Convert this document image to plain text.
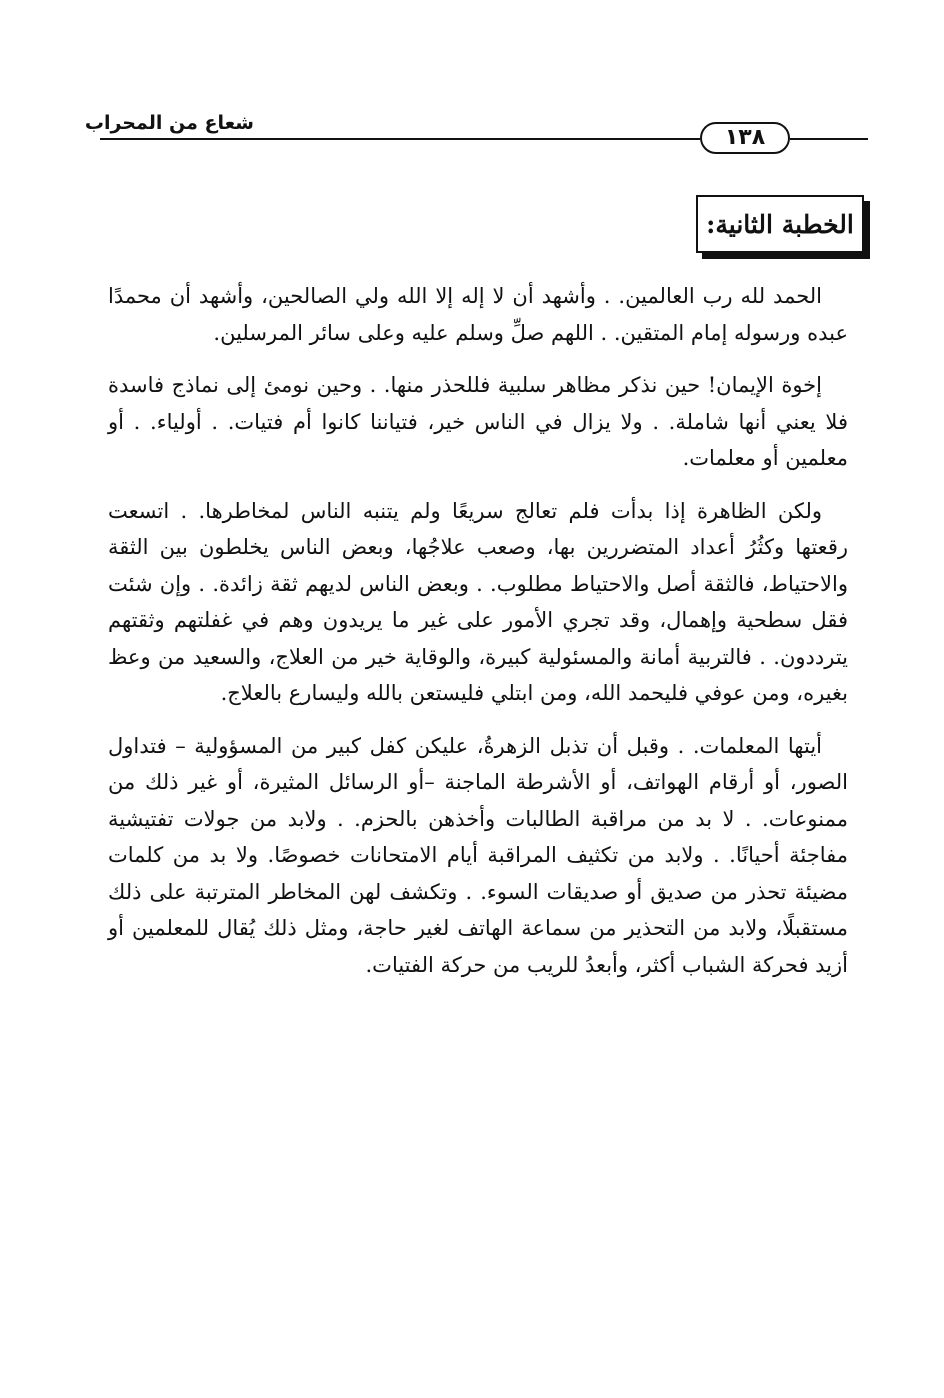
شعاع من المحراب
١٣٨
الخطبة الثانية:

الحمد لله رب العالمين. . وأشهد أن لا إله إلا الله ولي الصالحين، وأشهد أن محمدًا عبده ورسوله إمام المتقين. . اللهم صلِّ وسلم عليه وعلى سائر المرسلين.

إخوة الإيمان! حين نذكر مظاهر سلبية فللحذر منها. . وحين نومئ إلى نماذج فاسدة فلا يعني أنها شاملة. . ولا يزال في الناس خير، فتياننا كانوا أم فتيات. . أولياء. . أو معلمين أو معلمات.

ولكن الظاهرة إذا بدأت فلم تعالج سريعًا ولم يتنبه الناس لمخاطرها. . اتسعت رقعتها وكثُرُ أعداد المتضررين بها، وصعب علاجُها، وبعض الناس يخلطون بين الثقة والاحتياط، فالثقة أصل والاحتياط مطلوب. . وبعض الناس لديهم ثقة زائدة. . وإن شئت فقل سطحية وإهمال، وقد تجري الأمور على غير ما يريدون وهم في غفلتهم وثقتهم يترددون. . فالتربية أمانة والمسئولية كبيرة، والوقاية خير من العلاج، والسعيد من وعظ بغيره، ومن عوفي فليحمد الله، ومن ابتلي فليستعن بالله وليسارع بالعلاج.

أيتها المعلمات. . وقبل أن تذبل الزهرةُ، عليكن كفل كبير من المسؤولية – فتداول الصور، أو أرقام الهواتف، أو الأشرطة الماجنة –أو الرسائل المثيرة، أو غير ذلك من ممنوعات. . لا بد من مراقبة الطالبات وأخذهن بالحزم. . ولابد من جولات تفتيشية مفاجئة أحيانًا. . ولابد من تكثيف المراقبة أيام الامتحانات خصوصًا. ولا بد من كلمات مضيئة تحذر من صديق أو صديقات السوء. . وتكشف لهن المخاطر المترتبة على ذلك مستقبلًا، ولابد من التحذير من سماعة الهاتف لغير حاجة، ومثل ذلك يُقال للمعلمين أو أزيد فحركة الشباب أكثر، وأبعدُ للريب من حركة الفتيات.
